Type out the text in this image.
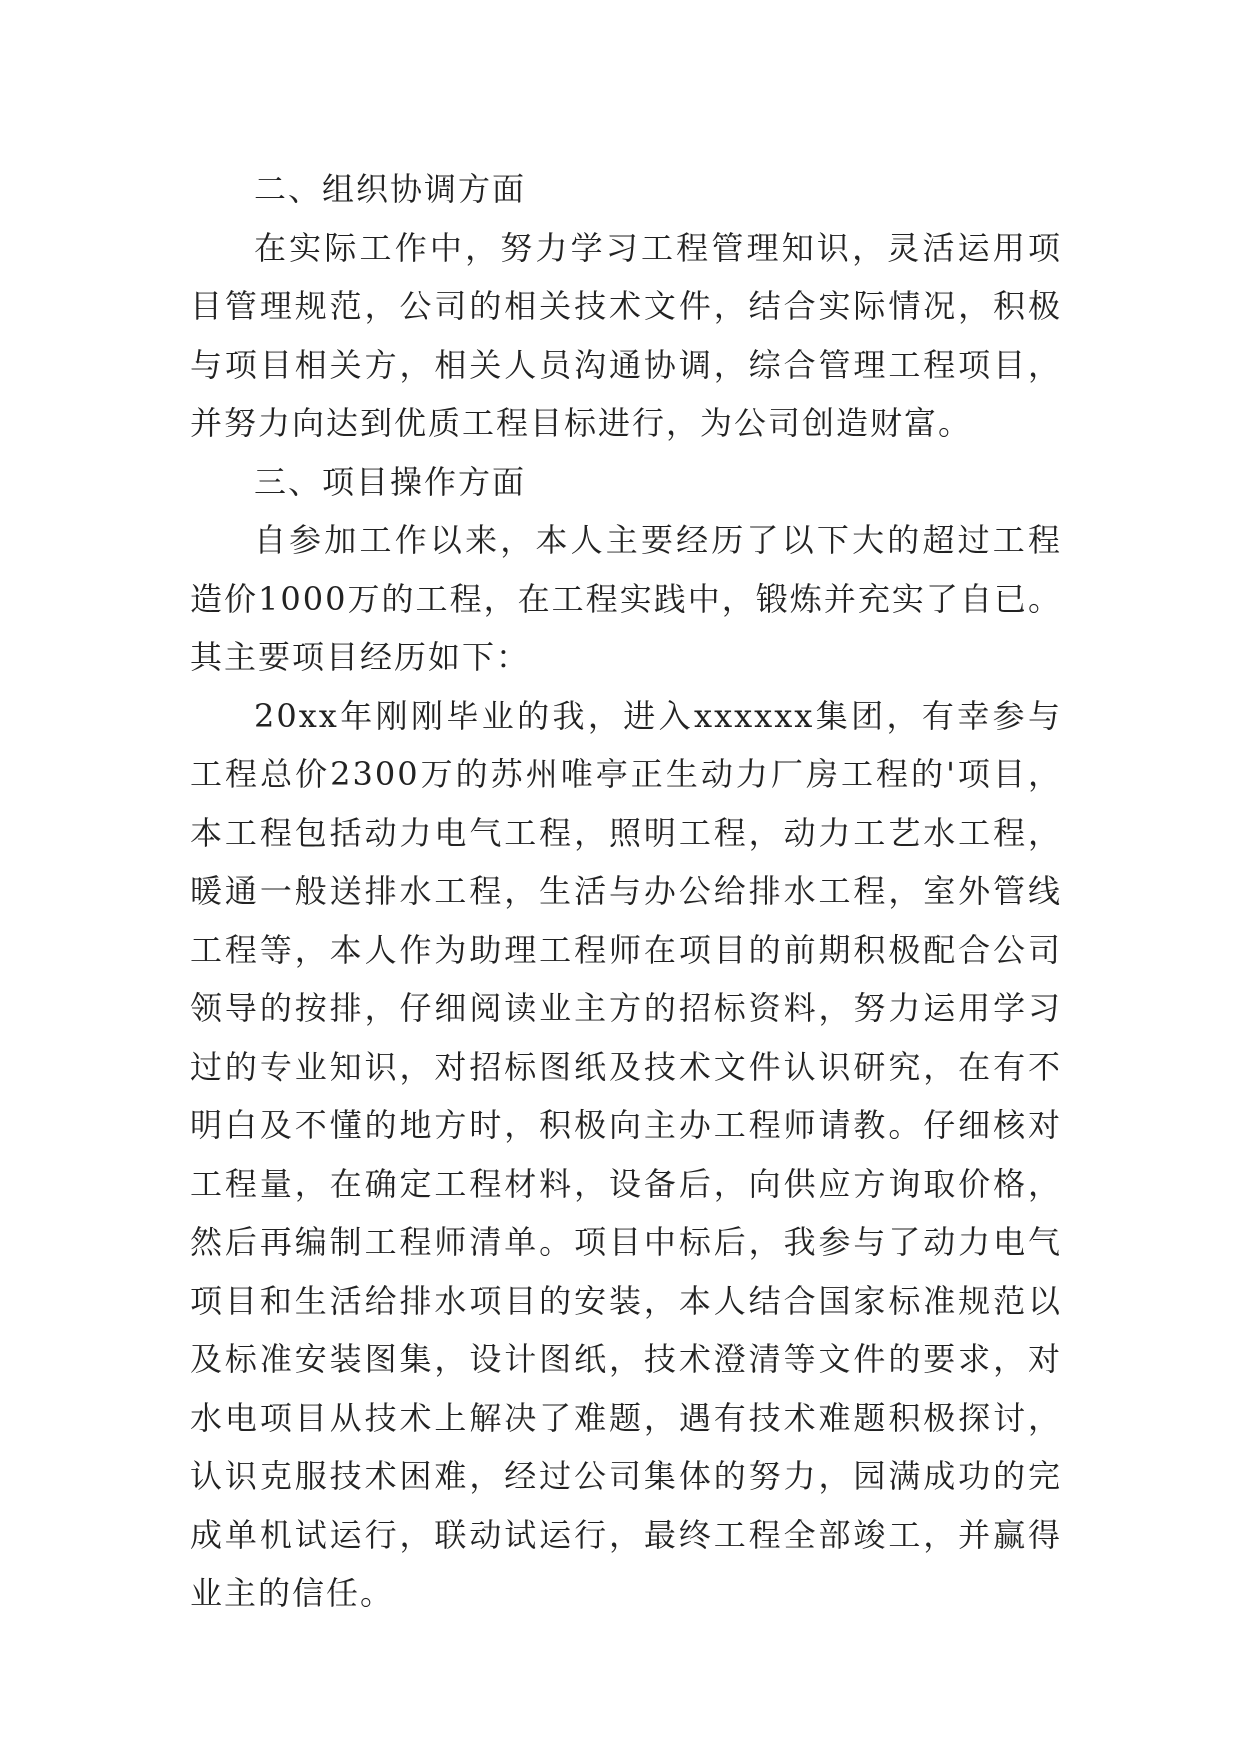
二、组织协调方面

在实际工作中，努力学习工程管理知识，灵活运用项目管理规范，公司的相关技术文件，结合实际情况，积极与项目相关方，相关人员沟通协调，综合管理工程项目，并努力向达到优质工程目标进行，为公司创造财富。

三、项目操作方面

自参加工作以来，本人主要经历了以下大的超过工程造价1000万的工程，在工程实践中，锻炼并充实了自已。其主要项目经历如下：

20xx年刚刚毕业的我，进入xxxxxx集团，有幸参与工程总价2300万的苏州唯亭正生动力厂房工程的'项目，本工程包括动力电气工程，照明工程，动力工艺水工程，暖通一般送排水工程，生活与办公给排水工程，室外管线工程等，本人作为助理工程师在项目的前期积极配合公司领导的按排，仔细阅读业主方的招标资料，努力运用学习过的专业知识，对招标图纸及技术文件认识研究，在有不明白及不懂的地方时，积极向主办工程师请教。仔细核对工程量，在确定工程材料，设备后，向供应方询取价格，然后再编制工程师清单。项目中标后，我参与了动力电气项目和生活给排水项目的安装，本人结合国家标准规范以及标准安装图集，设计图纸，技术澄清等文件的要求，对水电项目从技术上解决了难题，遇有技术难题积极探讨，认识克服技术困难，经过公司集体的努力，园满成功的完成单机试运行，联动试运行，最终工程全部竣工，并赢得业主的信任。
